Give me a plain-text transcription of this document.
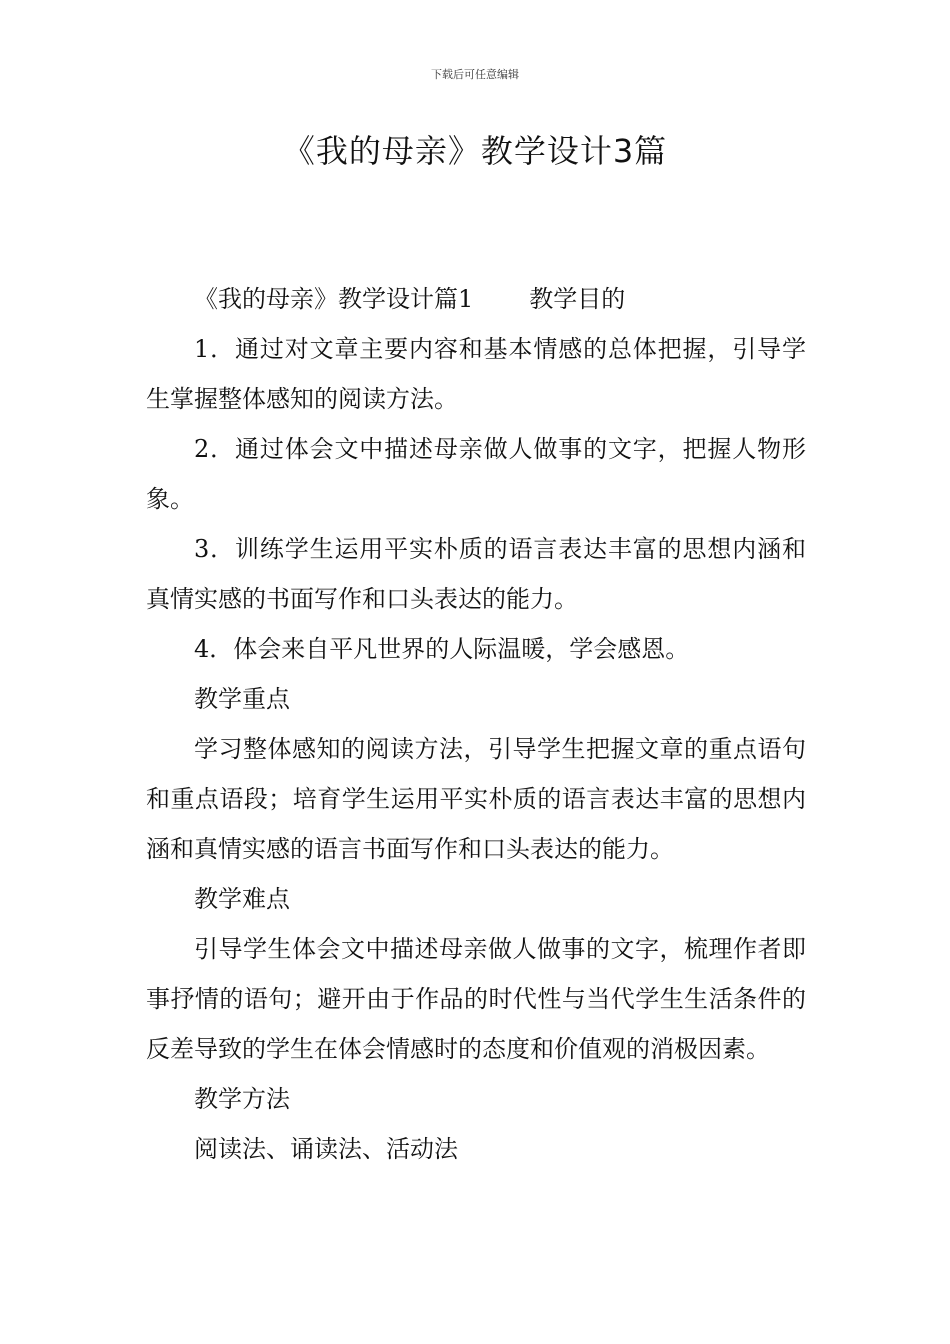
下载后可任意编辑
《我的母亲》教学设计3篇

《我的母亲》教学设计篇1 教学目的

1．通过对文章主要内容和基本情感的总体把握，引导学生掌握整体感知的阅读方法。

2．通过体会文中描述母亲做人做事的文字，把握人物形象。

3．训练学生运用平实朴质的语言表达丰富的思想内涵和真情实感的书面写作和口头表达的能力。

4．体会来自平凡世界的人际温暖，学会感恩。

教学重点

学习整体感知的阅读方法，引导学生把握文章的重点语句和重点语段；培育学生运用平实朴质的语言表达丰富的思想内涵和真情实感的语言书面写作和口头表达的能力。

教学难点

引导学生体会文中描述母亲做人做事的文字，梳理作者即事抒情的语句；避开由于作品的时代性与当代学生生活条件的反差导致的学生在体会情感时的态度和价值观的消极因素。

教学方法

阅读法、诵读法、活动法
